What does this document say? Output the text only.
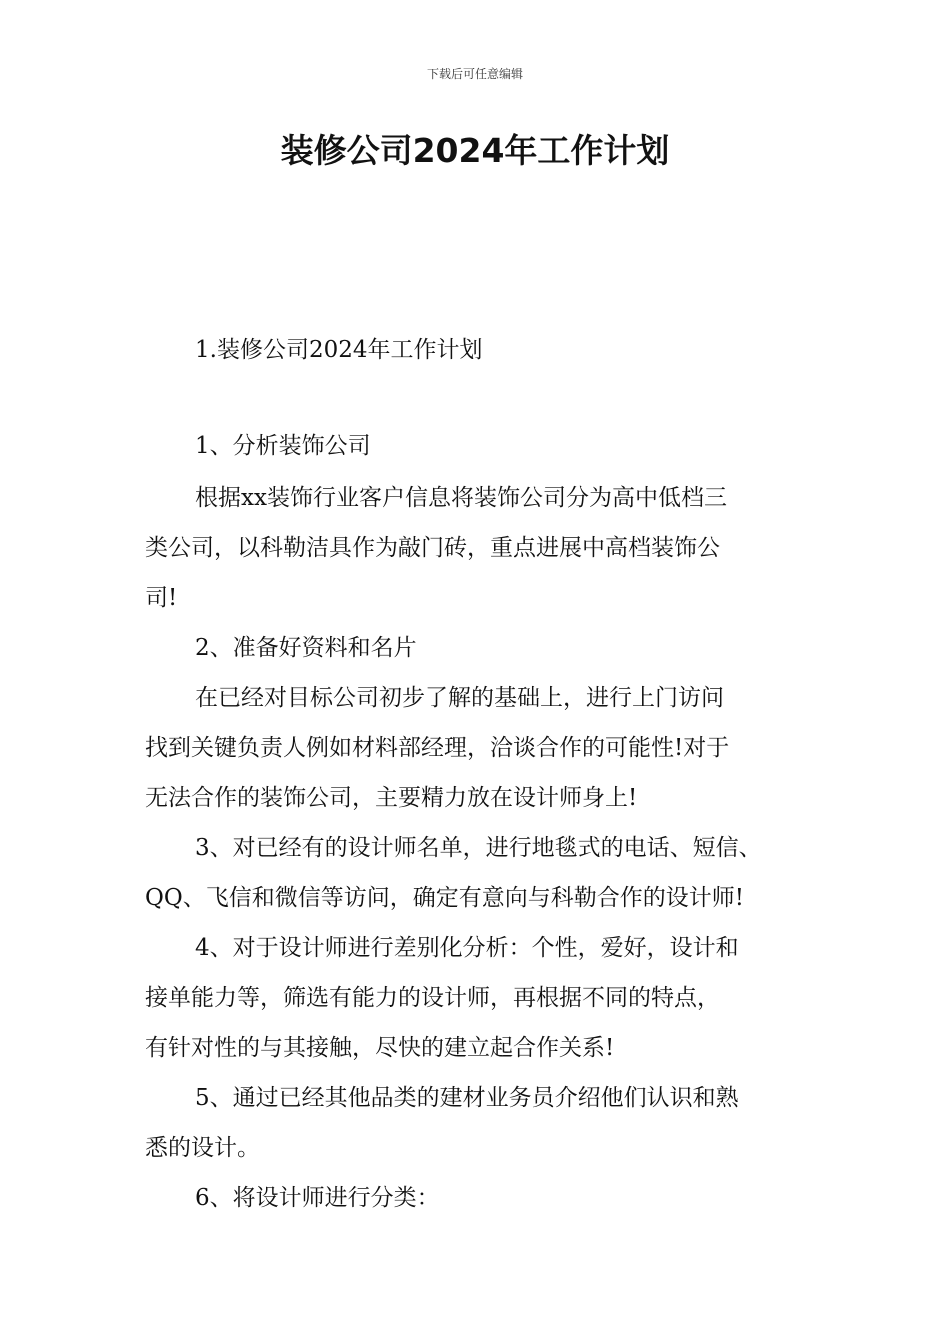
下载后可任意编辑
装修公司2024年工作计划
1.装修公司2024年工作计划
1、分析装饰公司
根据xx装饰行业客户信息将装饰公司分为高中低档三
类公司，以科勒洁具作为敲门砖，重点进展中高档装饰公
司!
2、准备好资料和名片
在已经对目标公司初步了解的基础上，进行上门访问
找到关键负责人例如材料部经理，洽谈合作的可能性!对于
无法合作的装饰公司，主要精力放在设计师身上!
3、对已经有的设计师名单，进行地毯式的电话、短信、
QQ、飞信和微信等访问，确定有意向与科勒合作的设计师!
4、对于设计师进行差别化分析：个性，爱好，设计和
接单能力等，筛选有能力的设计师，再根据不同的特点，
有针对性的与其接触，尽快的建立起合作关系!
5、通过已经其他品类的建材业务员介绍他们认识和熟
悉的设计。
6、将设计师进行分类：
